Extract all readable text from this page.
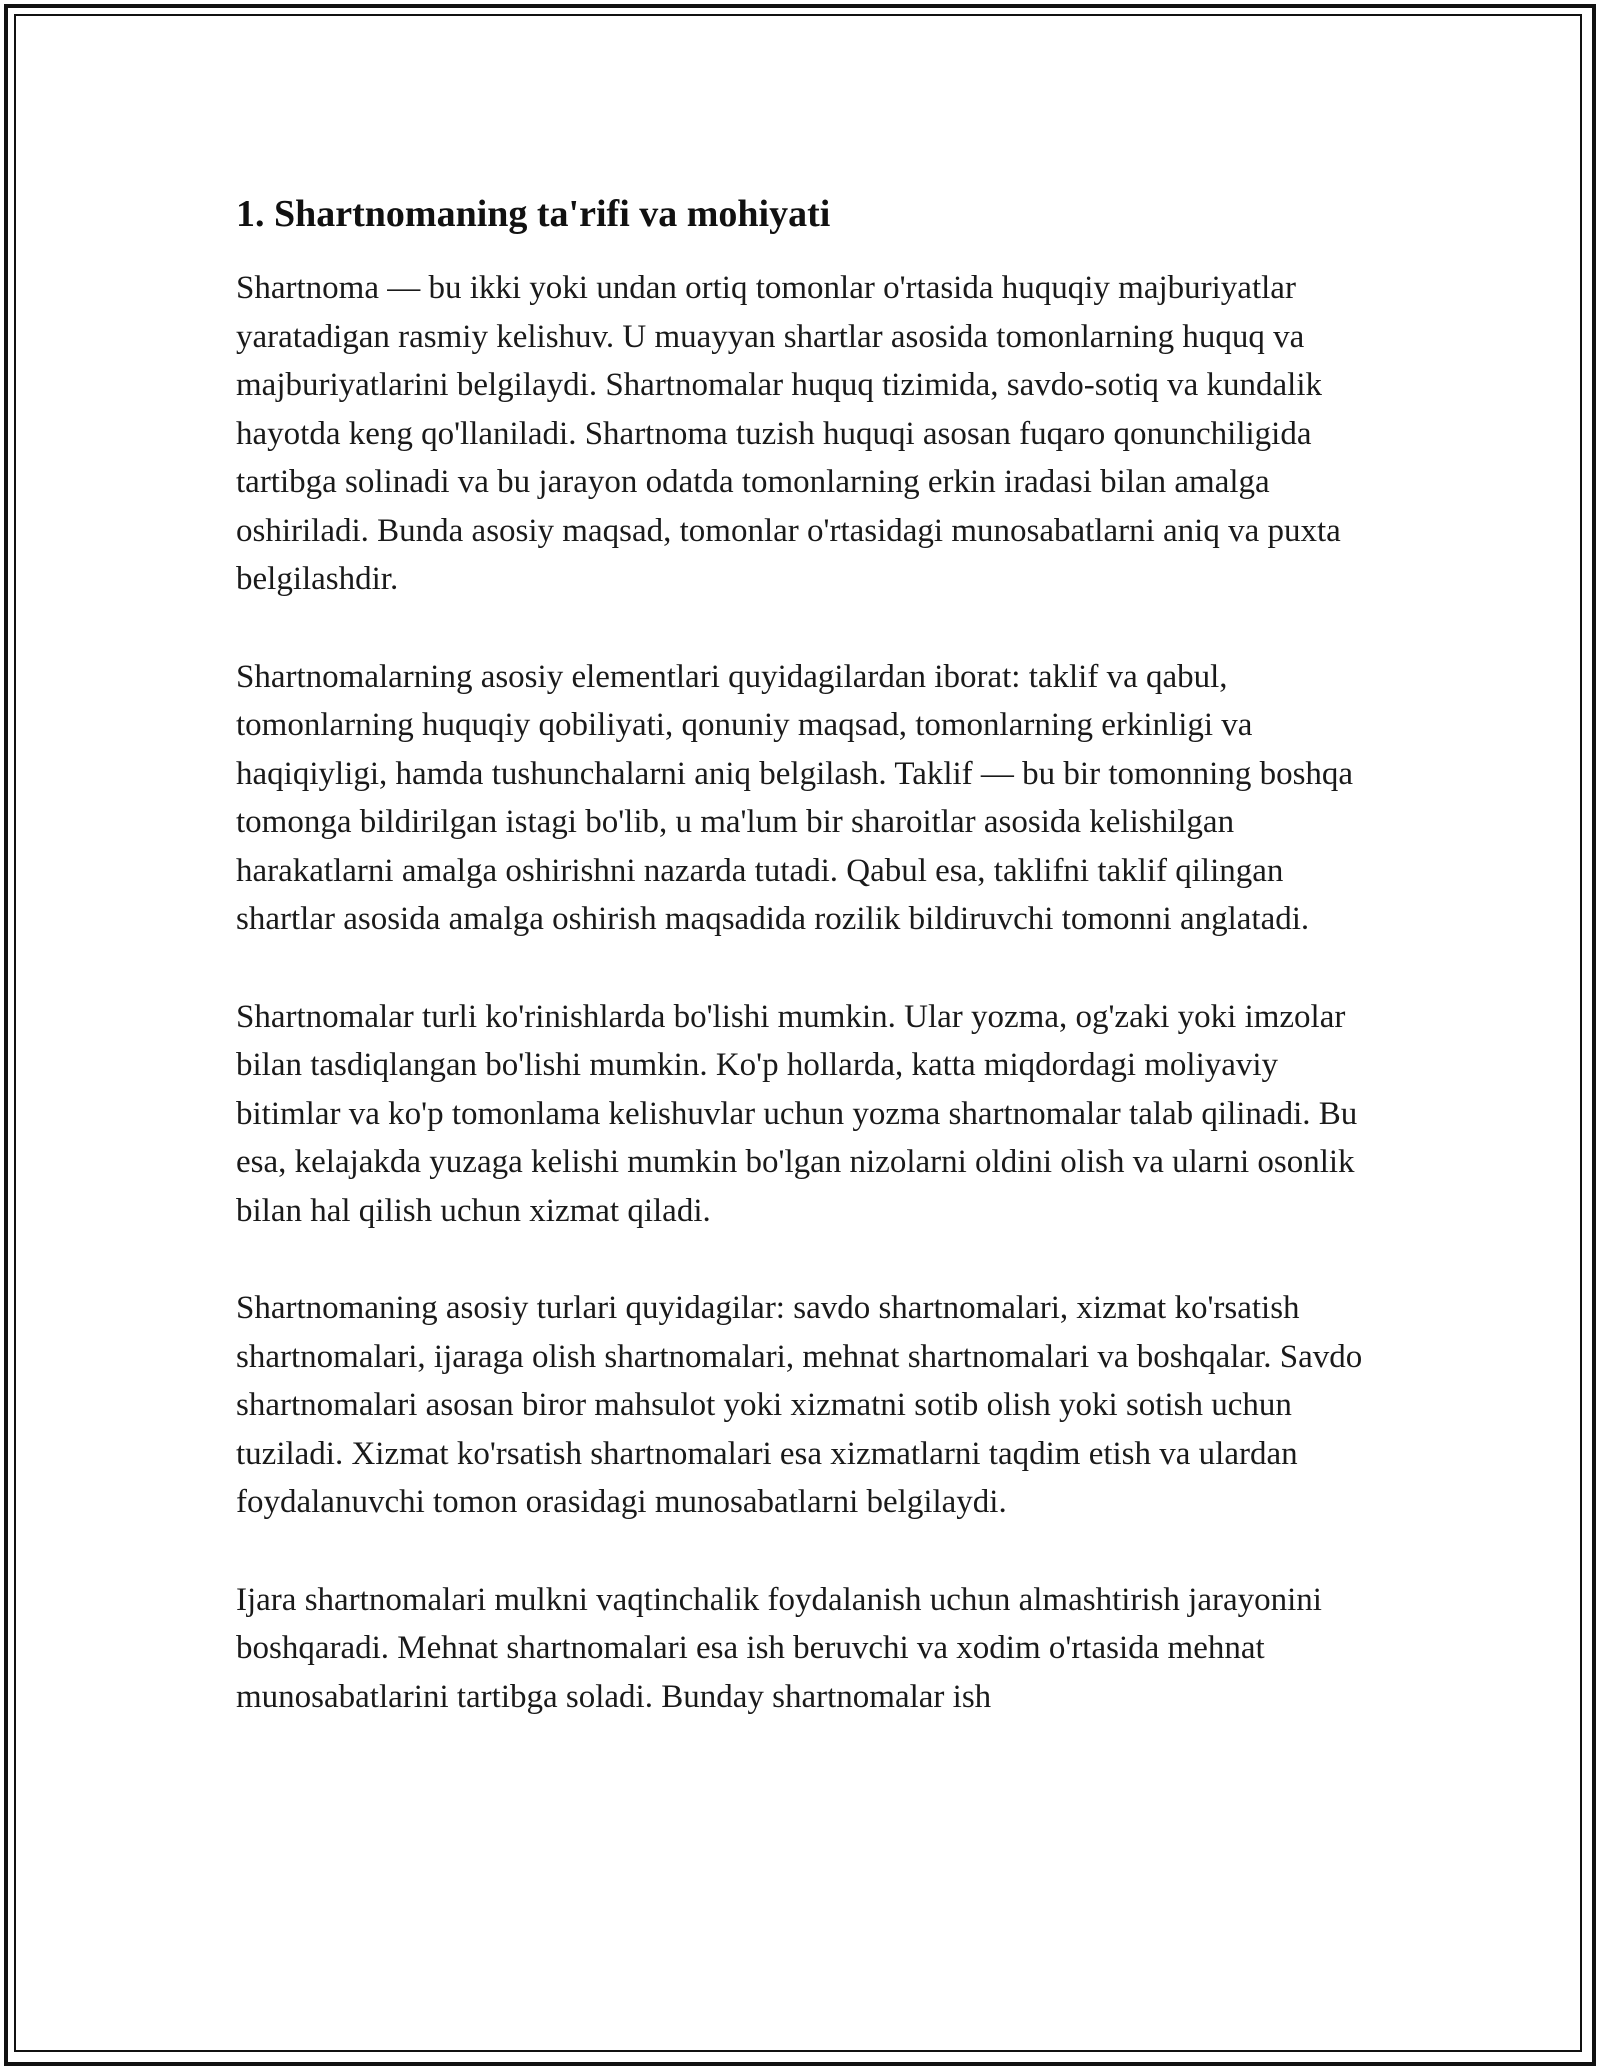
1. Shartnomaning ta'rifi va mohiyati

Shartnoma — bu ikki yoki undan ortiq tomonlar o'rtasida huquqiy majburiyatlar yaratadigan rasmiy kelishuv. U muayyan shartlar asosida tomonlarning huquq va majburiyatlarini belgilaydi. Shartnomalar huquq tizimida, savdo-sotiq va kundalik hayotda keng qo'llaniladi. Shartnoma tuzish huquqi asosan fuqaro qonunchiligida tartibga solinadi va bu jarayon odatda tomonlarning erkin iradasi bilan amalga oshiriladi. Bunda asosiy maqsad, tomonlar o'rtasidagi munosabatlarni aniq va puxta belgilashdir.

Shartnomalarning asosiy elementlari quyidagilardan iborat: taklif va qabul, tomonlarning huquqiy qobiliyati, qonuniy maqsad, tomonlarning erkinligi va haqiqiyligi, hamda tushunchalarni aniq belgilash. Taklif — bu bir tomonning boshqa tomonga bildirilgan istagi bo'lib, u ma'lum bir sharoitlar asosida kelishilgan harakatlarni amalga oshirishni nazarda tutadi. Qabul esa, taklifni taklif qilingan shartlar asosida amalga oshirish maqsadida rozilik bildiruvchi tomonni anglatadi.

Shartnomalar turli ko'rinishlarda bo'lishi mumkin. Ular yozma, og'zaki yoki imzolar bilan tasdiqlangan bo'lishi mumkin. Ko'p hollarda, katta miqdordagi moliyaviy bitimlar va ko'p tomonlama kelishuvlar uchun yozma shartnomalar talab qilinadi. Bu esa, kelajakda yuzaga kelishi mumkin bo'lgan nizolarni oldini olish va ularni osonlik bilan hal qilish uchun xizmat qiladi.

Shartnomaning asosiy turlari quyidagilar: savdo shartnomalari, xizmat ko'rsatish shartnomalari, ijaraga olish shartnomalari, mehnat shartnomalari va boshqalar. Savdo shartnomalari asosan biror mahsulot yoki xizmatni sotib olish yoki sotish uchun tuziladi. Xizmat ko'rsatish shartnomalari esa xizmatlarni taqdim etish va ulardan foydalanuvchi tomon orasidagi munosabatlarni belgilaydi.

Ijara shartnomalari mulkni vaqtinchalik foydalanish uchun almashtirish jarayonini boshqaradi. Mehnat shartnomalari esa ish beruvchi va xodim o'rtasida mehnat munosabatlarini tartibga soladi. Bunday shartnomalar ish
